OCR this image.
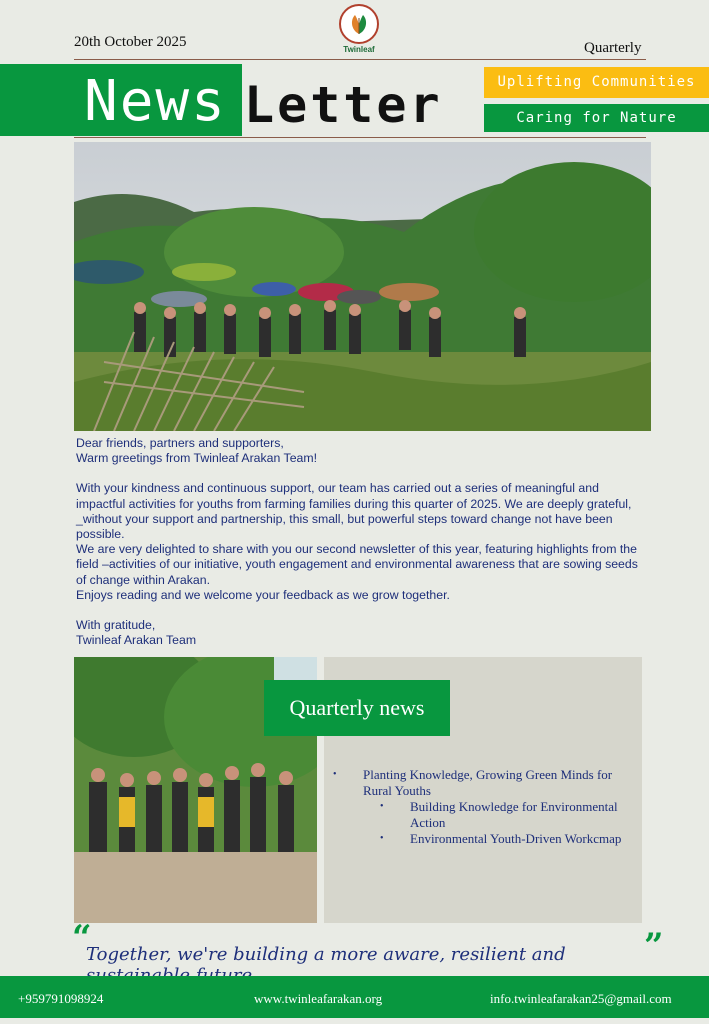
20th October 2025	Quarterly
Twinleaf

News Letter	Uplifting Communities
Caring for Nature

Dear friends, partners and supporters,

Warm greetings from Twinleaf Arakan Team!

With your kindness and continuous support, our team has carried out a series of meaningful and impactful activities for youths from farming families during this quarter of 2025. We are deeply grateful, _without your support and partnership, this small, but powerful steps toward change not have been possible.

We are very delighted to share with you our second newsletter of this year, featuring highlights from the field –activities of our initiative, youth engagement and environmental awareness that are sowing seeds of change within Arakan.

Enjoys reading and we welcome your feedback as we grow together.

With gratitude,

Twinleaf Arakan Team

Quarterly news
• Planting Knowledge, Growing Green Minds for Rural Youths
• Building Knowledge for Environmental Action
• Environmental Youth-Driven Workcmap
“
Together, we're building a more aware, resilient and	”
+959791098924	www.twinleafarakan.org	info.twinleafarakan25@gmail.com
